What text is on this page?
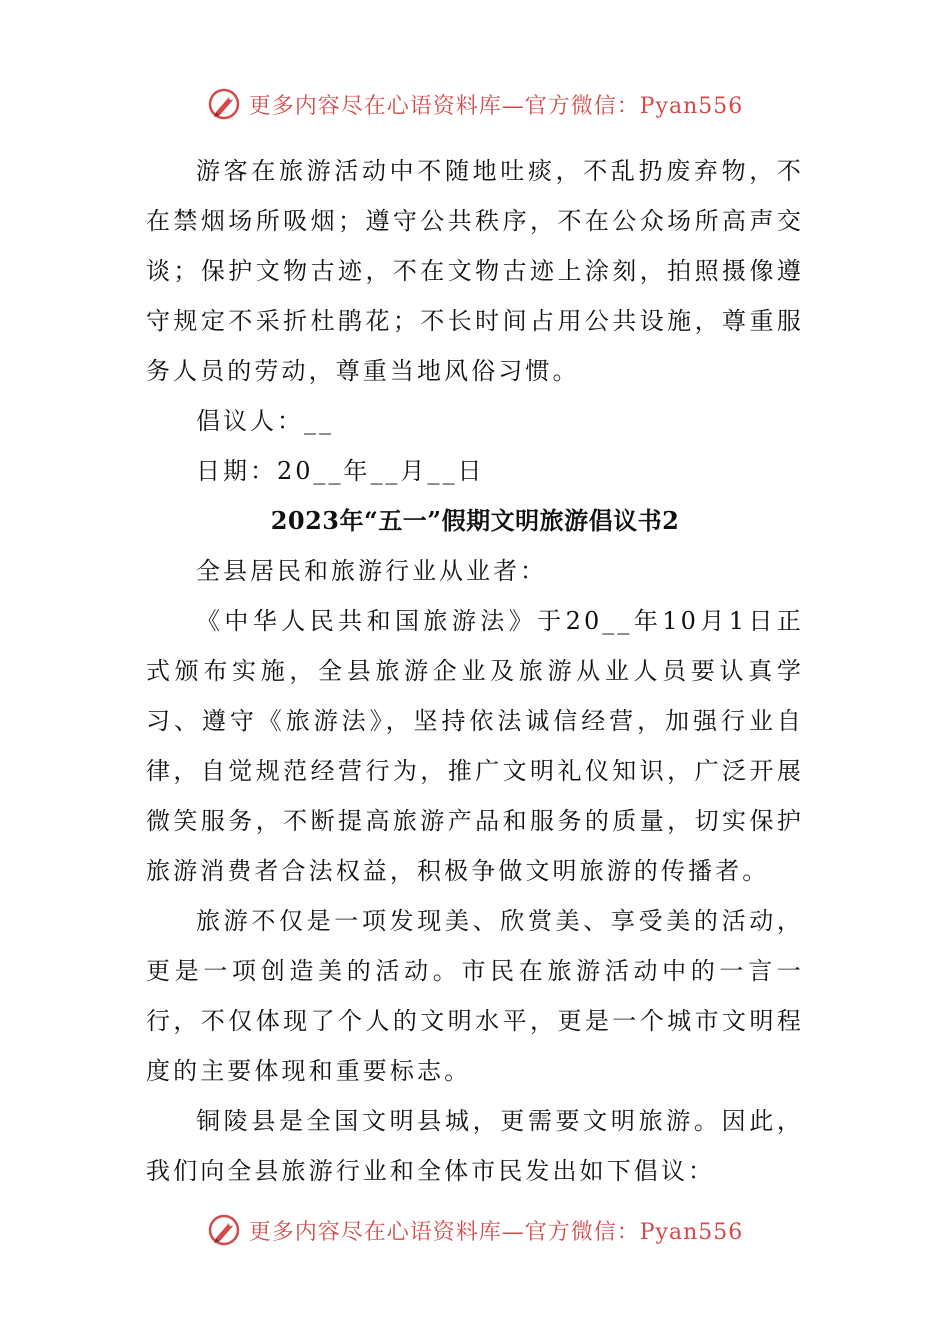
更多内容尽在心语资料库—官方微信：Pyan556

游客在旅游活动中不随地吐痰，不乱扔废弃物，不在禁烟场所吸烟；遵守公共秩序，不在公众场所高声交谈；保护文物古迹，不在文物古迹上涂刻，拍照摄像遵守规定不采折杜鹃花；不长时间占用公共设施，尊重服务人员的劳动，尊重当地风俗习惯。

倡议人：__

日期：20__年__月__日

2023年“五一”假期文明旅游倡议书2

全县居民和旅游行业从业者：

《中华人民共和国旅游法》于20__年10月1日正式颁布实施，全县旅游企业及旅游从业人员要认真学习、遵守《旅游法》，坚持依法诚信经营，加强行业自律，自觉规范经营行为，推广文明礼仪知识，广泛开展微笑服务，不断提高旅游产品和服务的质量，切实保护旅游消费者合法权益，积极争做文明旅游的传播者。

旅游不仅是一项发现美、欣赏美、享受美的活动，更是一项创造美的活动。市民在旅游活动中的一言一行，不仅体现了个人的文明水平，更是一个城市文明程度的主要体现和重要标志。

铜陵县是全国文明县城，更需要文明旅游。因此，我们向全县旅游行业和全体市民发出如下倡议：

更多内容尽在心语资料库—官方微信：Pyan556
